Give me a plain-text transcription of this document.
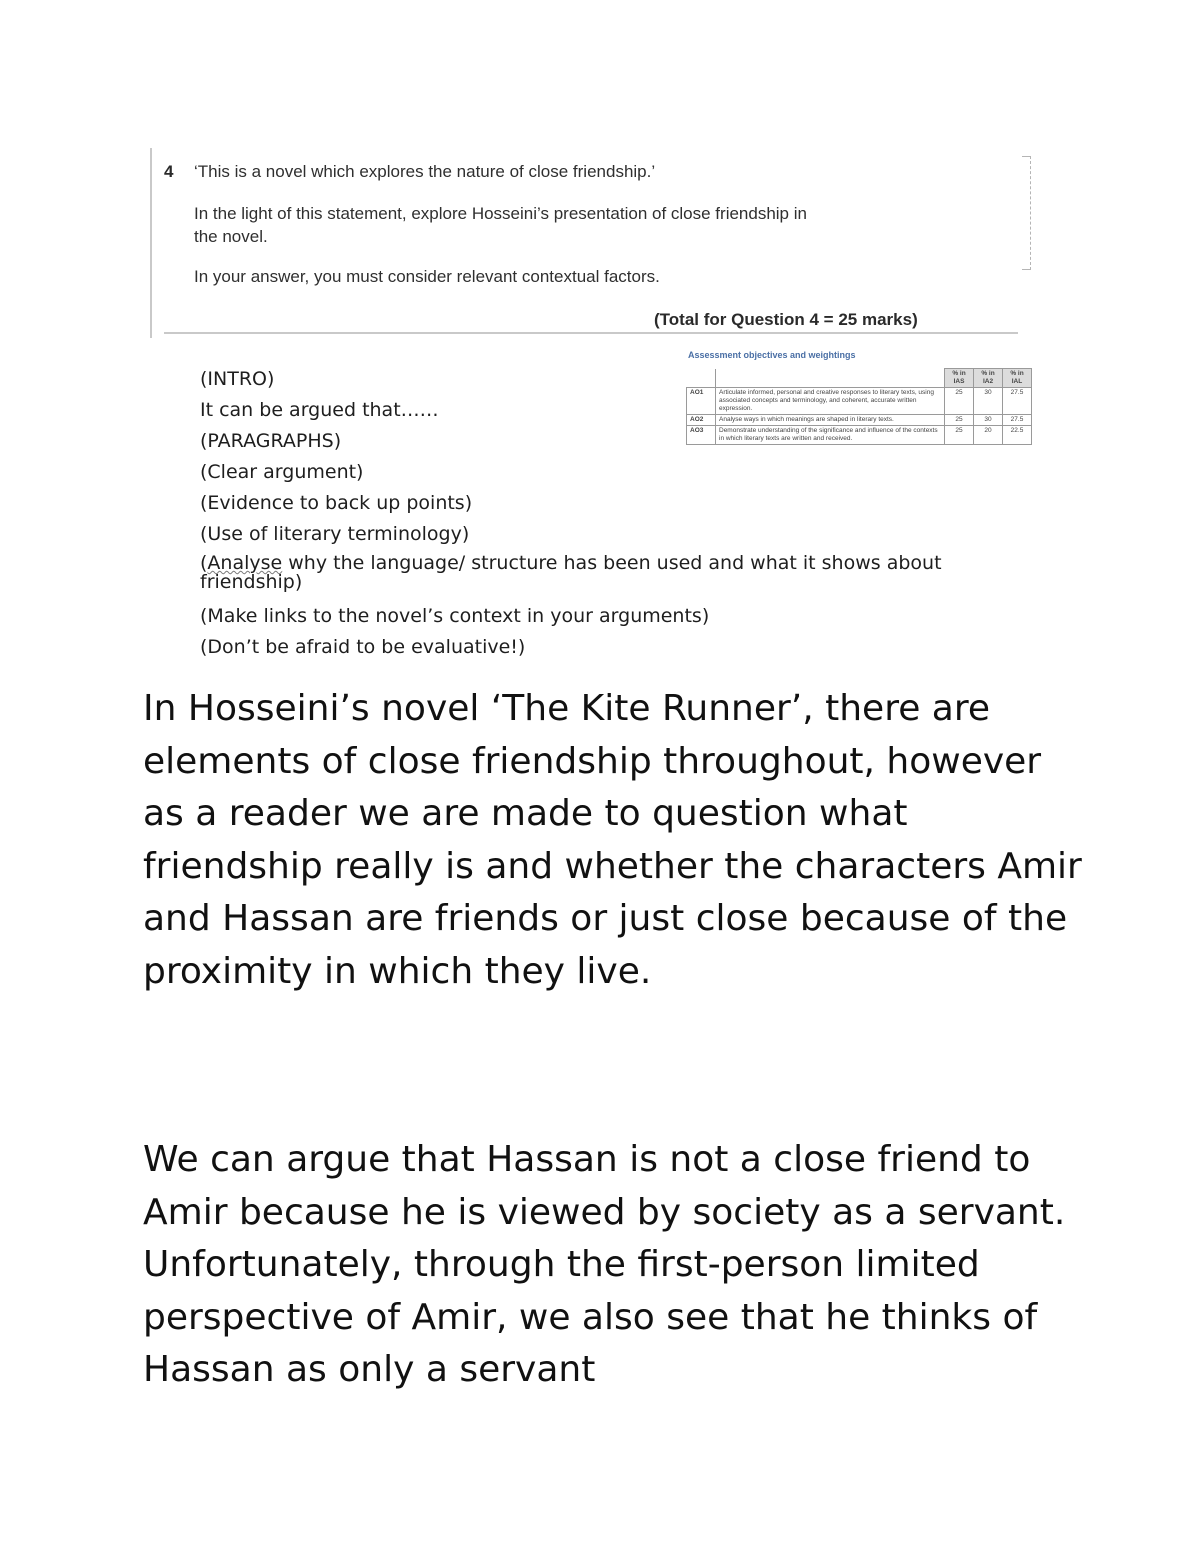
4 ‘This is a novel which explores the nature of close friendship.’
In the light of this statement, explore Hosseini’s presentation of close friendship in
the novel.
In your answer, you must consider relevant contextual factors.
(Total for Question 4 = 25 marks)
Assessment objectives and weightings
		% in IAS	% in IA2	% in IAL
AO1	Articulate informed, personal and creative responses to literary texts, using associated concepts and terminology, and coherent, accurate written expression.	25	30	27.5
AO2	Analyse ways in which meanings are shaped in literary texts.	25	30	27.5
AO3	Demonstrate understanding of the significance and influence of the contexts in which literary texts are written and received.	25	20	22.5
(INTRO)
It can be argued that……
(PARAGRAPHS)
(Clear argument)
(Evidence to back up points)
(Use of literary terminology)
(Analyse why the language/ structure has been used and what it shows about friendship)
(Make links to the novel’s context in your arguments)
(Don’t be afraid to be evaluative!)

In Hosseini’s novel ‘The Kite Runner’, there are elements of close friendship throughout, however as a reader we are made to question what friendship really is and whether the characters Amir and Hassan are friends or just close because of the proximity in which they live.

We can argue that Hassan is not a close friend to Amir because he is viewed by society as a servant. Unfortunately, through the first-person limited perspective of Amir, we also see that he thinks of Hassan as only a servant
